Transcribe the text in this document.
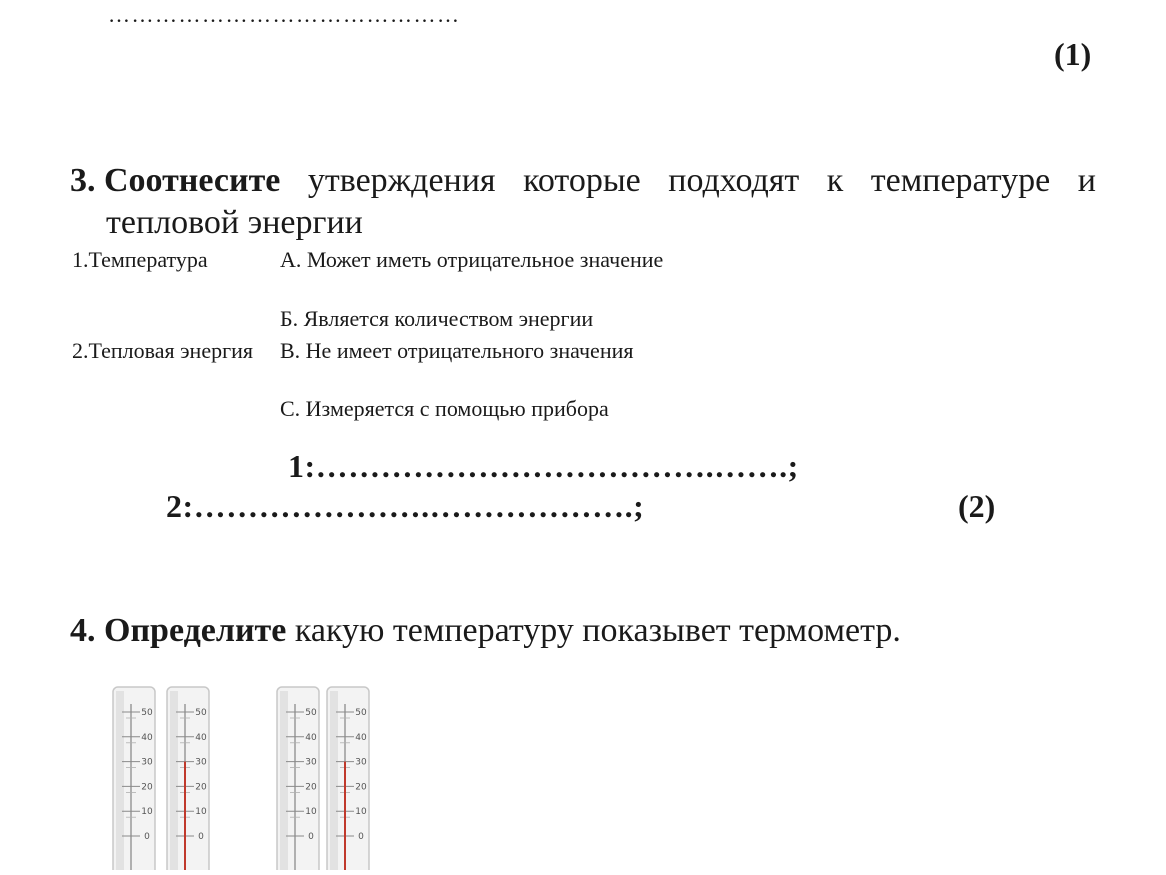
………………………………………
(1)
3. Соотнесите утверждения которые подходят к температуре и
тепловой энергии
1.Температура
2.Тепловая энергия
А. Может иметь отрицательное значение
Б. Является количеством энергии
В. Не имеет отрицательного значения
С. Измеряется с помощью прибора
1:……………………………….…….;
2:………………….……………….;	(2)
4. Определите какую температуру показывет термометр.
50
40
30
20
10
0
50
40
30
20
10
0
50
40
30
20
10
0
50
40
30
20
10
0
